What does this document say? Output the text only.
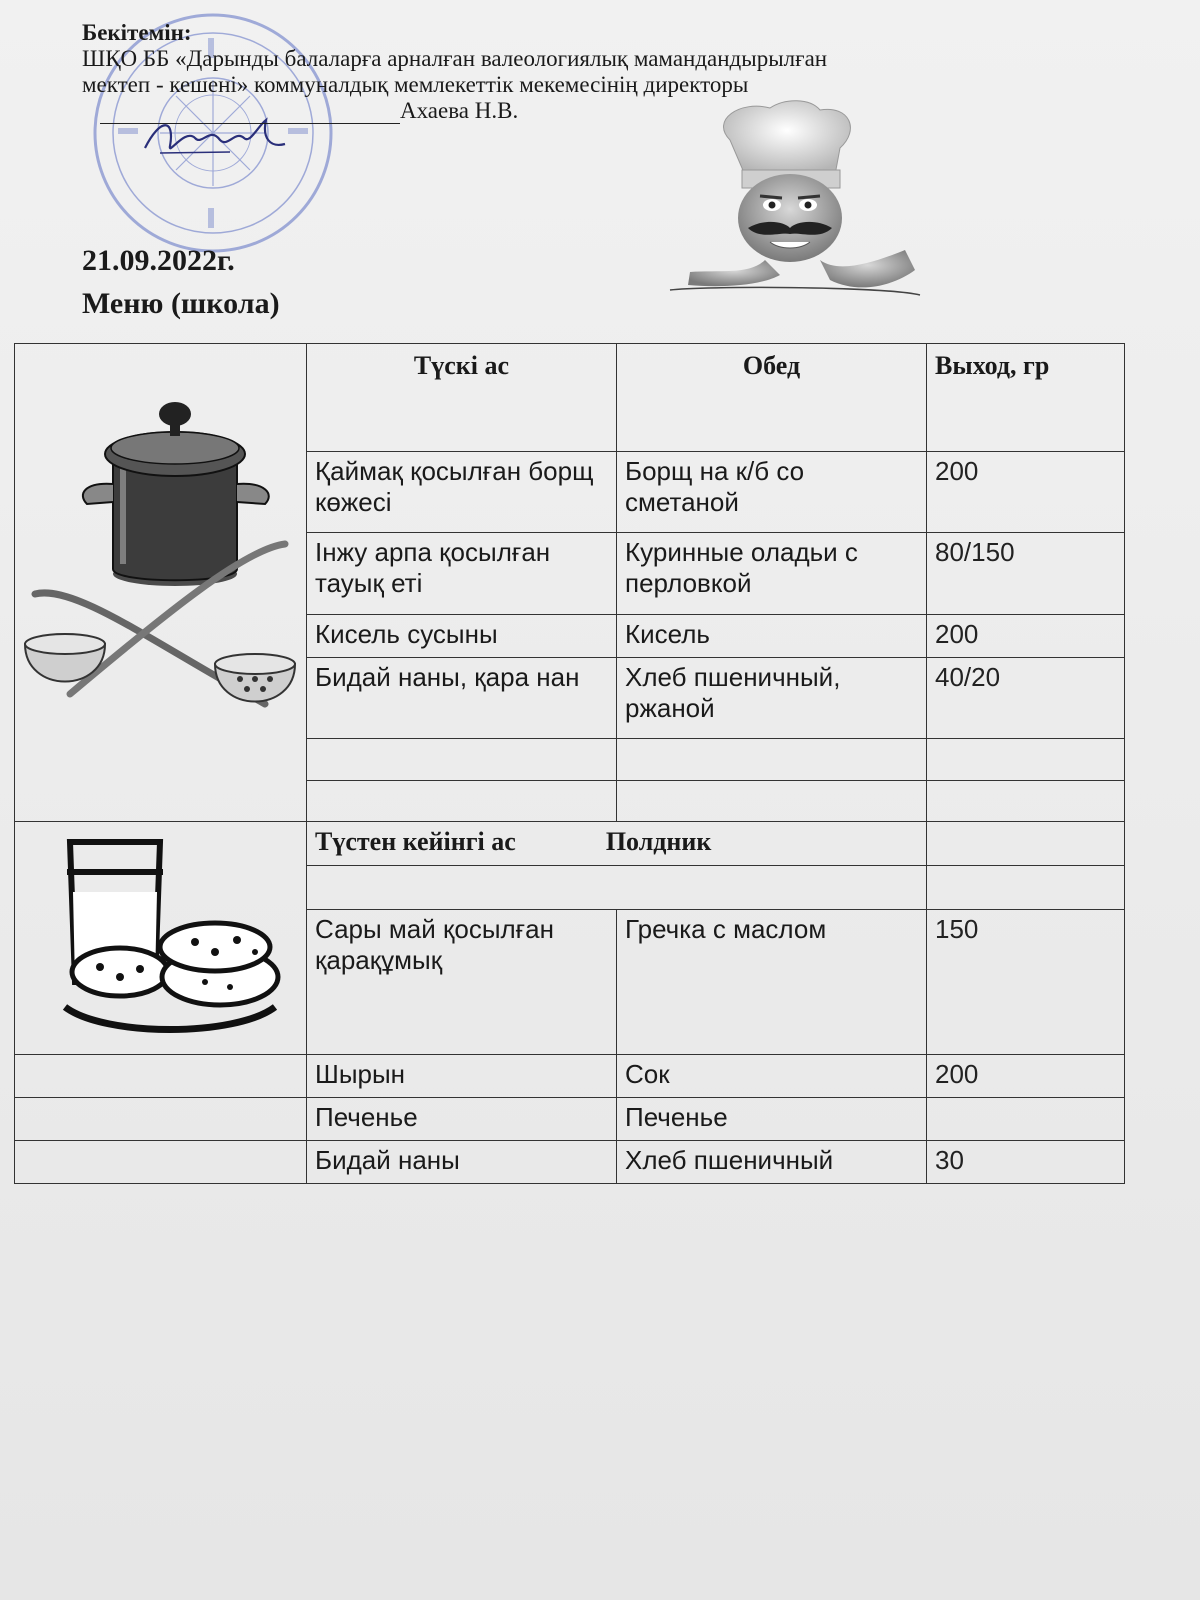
Бекітемін:
ШҚО ББ «Дарынды балаларға арналған валеологиялық мамандандырылған
мектеп - кешені» коммуналдық мемлекеттік мекемесінің директоры
Ахаева Н.В.
21.09.2022г.
Меню (школа)
	Түскі ас	Обед	Выход, гр
	Қаймақ қосылған борщ көжесі	Борщ на к/б со сметаной	200
	Інжу арпа қосылған тауық еті	Куринные оладьи с перловкой	80/150
	Кисель сусыны	Кисель	200
	Бидай наны, қара нан	Хлеб пшеничный, ржаной	40/20

	Түстен кейінгі ас Полдник		

	Сары май қосылған қарақұмық	Гречка с маслом	150
	Шырын	Сок	200
	Печенье	Печенье	
	Бидай наны	Хлеб пшеничный	30
